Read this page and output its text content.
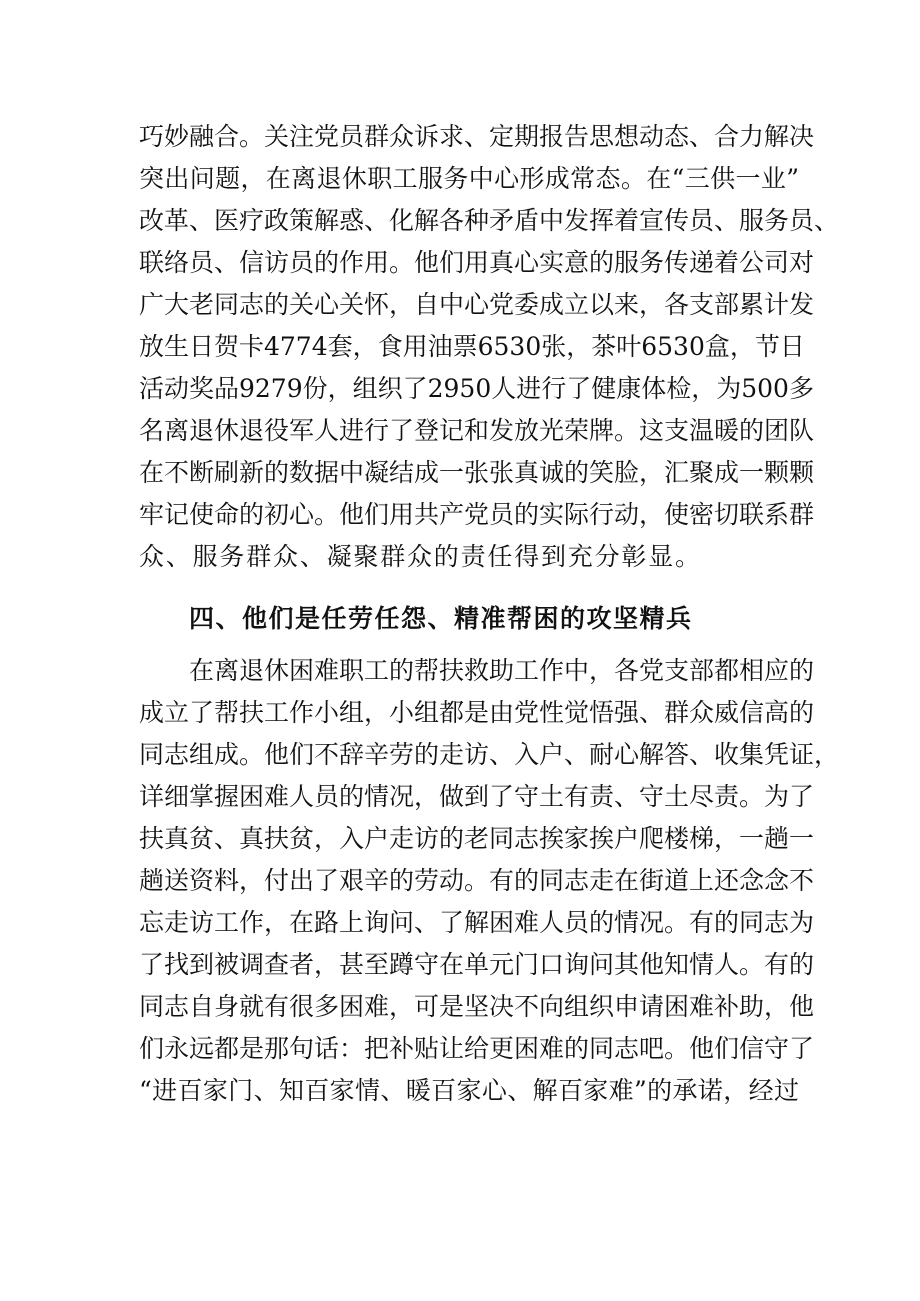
巧妙融合。关注党员群众诉求、定期报告思想动态、合力解决
突出问题，在离退休职工服务中心形成常态。在“三供一业”
改革、医疗政策解惑、化解各种矛盾中发挥着宣传员、服务员、
联络员、信访员的作用。他们用真心实意的服务传递着公司对
广大老同志的关心关怀，自中心党委成立以来，各支部累计发
放生日贺卡4774套，食用油票6530张，茶叶6530盒，节日
活动奖品9279份，组织了2950人进行了健康体检，为500多
名离退休退役军人进行了登记和发放光荣牌。这支温暖的团队
在不断刷新的数据中凝结成一张张真诚的笑脸，汇聚成一颗颗
牢记使命的初心。他们用共产党员的实际行动，使密切联系群
众、服务群众、凝聚群众的责任得到充分彰显。
四、他们是任劳任怨、精准帮困的攻坚精兵
在离退休困难职工的帮扶救助工作中，各党支部都相应的
成立了帮扶工作小组，小组都是由党性觉悟强、群众威信高的
同志组成。他们不辞辛劳的走访、入户、耐心解答、收集凭证，
详细掌握困难人员的情况，做到了守土有责、守土尽责。为了
扶真贫、真扶贫，入户走访的老同志挨家挨户爬楼梯，一趟一
趟送资料，付出了艰辛的劳动。有的同志走在街道上还念念不
忘走访工作，在路上询问、了解困难人员的情况。有的同志为
了找到被调查者，甚至蹲守在单元门口询问其他知情人。有的
同志自身就有很多困难，可是坚决不向组织申请困难补助，他
们永远都是那句话：把补贴让给更困难的同志吧。他们信守了
“进百家门、知百家情、暖百家心、解百家难”的承诺，经过
